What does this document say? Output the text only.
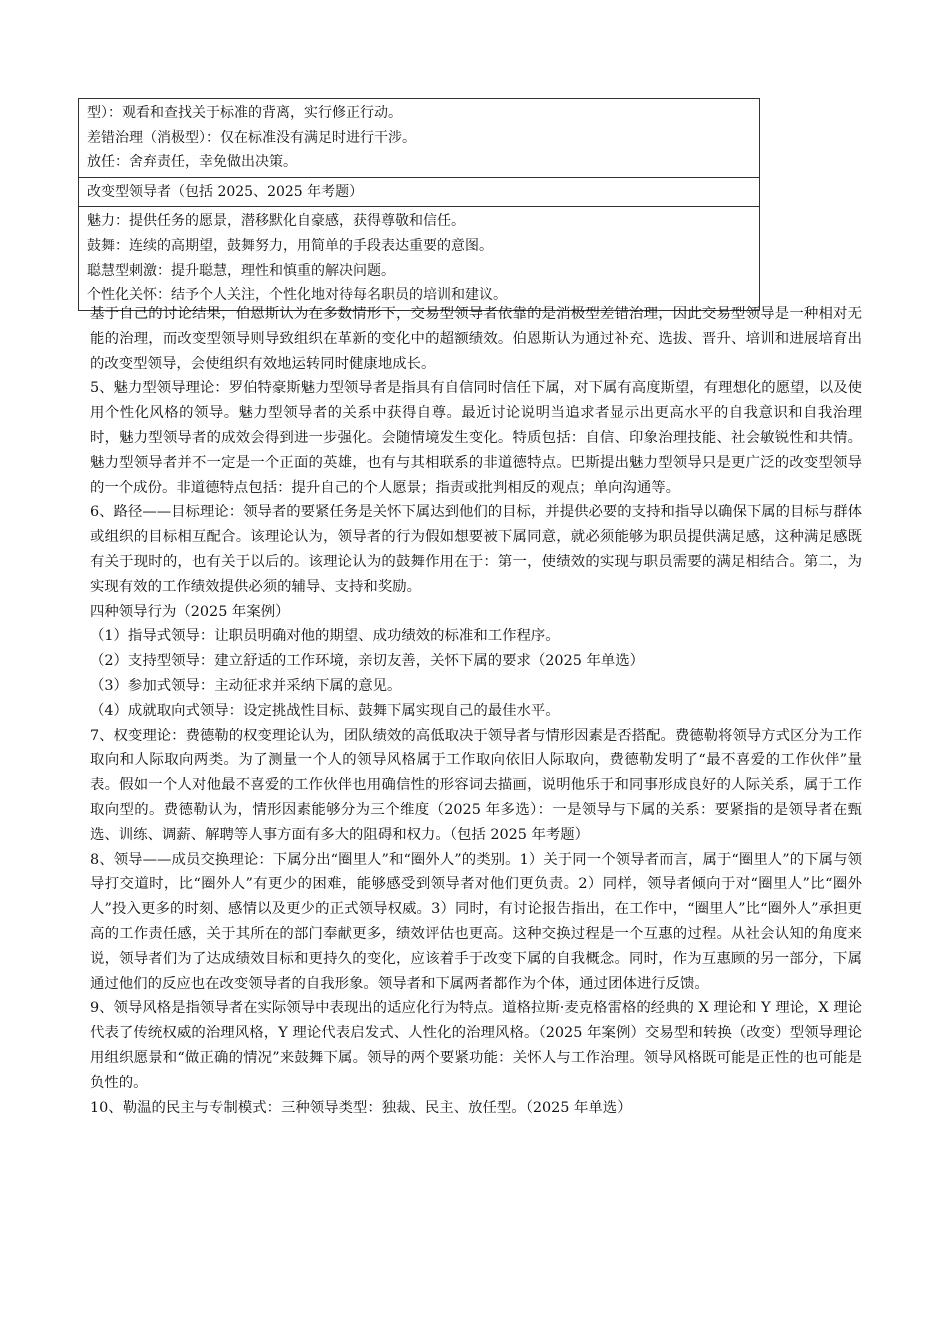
型）：观看和查找关于标准的背离，实行修正行动。
差错治理（消极型）：仅在标准没有满足时进行干涉。
放任：舍弃责任，幸免做出决策。
改变型领导者（包括 2025、2025 年考题）
魅力：提供任务的愿景，潜移默化自豪感，获得尊敬和信任。
鼓舞：连续的高期望，鼓舞努力，用简单的手段表达重要的意图。
聪慧型刺激：提升聪慧，理性和慎重的解决问题。
个性化关怀：结予个人关注，个性化地对待每名职员的培训和建议。

基于自己的讨论结果，伯恩斯认为在多数情形下，交易型领导者依靠的是消极型差错治理，因此交易型领导是一种相对无能的治理，而改变型领导则导致组织在革新的变化中的超额绩效。伯恩斯认为通过补充、选拔、晋升、培训和进展培育出的改变型领导，会使组织有效地运转同时健康地成长。

5、魅力型领导理论：罗伯特豪斯魅力型领导者是指具有自信同时信任下属，对下属有高度斯望，有理想化的愿望，以及使用个性化风格的领导。魅力型领导者的关系中获得自尊。最近讨论说明当追求者显示出更高水平的自我意识和自我治理时，魅力型领导者的成效会得到进一步强化。会随情境发生变化。特质包括：自信、印象治理技能、社会敏锐性和共情。魅力型领导者并不一定是一个正面的英雄，也有与其相联系的非道德特点。巴斯提出魅力型领导只是更广泛的改变型领导的一个成份。非道德特点包括：提升自己的个人愿景；指责或批判相反的观点；单向沟通等。

6、路径——目标理论：领导者的要紧任务是关怀下属达到他们的目标，并提供必要的支持和指导以确保下属的目标与群体或组织的目标相互配合。该理论认为，领导者的行为假如想要被下属同意，就必须能够为职员提供满足感，这种满足感既有关于现时的，也有关于以后的。该理论认为的鼓舞作用在于：第一，使绩效的实现与职员需要的满足相结合。第二，为实现有效的工作绩效提供必须的辅导、支持和奖励。

四种领导行为（2025 年案例）

（1）指导式领导：让职员明确对他的期望、成功绩效的标准和工作程序。

（2）支持型领导：建立舒适的工作环境，亲切友善，关怀下属的要求（2025 年单选）

（3）参加式领导：主动征求并采纳下属的意见。

（4）成就取向式领导：设定挑战性目标、鼓舞下属实现自己的最佳水平。

7、权变理论：费德勒的权变理论认为，团队绩效的高低取决于领导者与情形因素是否搭配。费德勒将领导方式区分为工作取向和人际取向两类。为了测量一个人的领导风格属于工作取向依旧人际取向，费德勒发明了“最不喜爱的工作伙伴”量表。假如一个人对他最不喜爱的工作伙伴也用确信性的形容词去描画，说明他乐于和同事形成良好的人际关系，属于工作取向型的。费德勒认为，情形因素能够分为三个维度（2025 年多选）：一是领导与下属的关系：要紧指的是领导者在甄选、训练、调薪、解聘等人事方面有多大的阻碍和权力。（包括 2025 年考题）

8、领导——成员交换理论：下属分出“圈里人”和“圈外人”的类别。1）关于同一个领导者而言，属于“圈里人”的下属与领导打交道时，比“圈外人”有更少的困难，能够感受到领导者对他们更负责。2）同样，领导者倾向于对“圈里人”比“圈外人”投入更多的时刻、感情以及更少的正式领导权威。3）同时，有讨论报告指出，在工作中，“圈里人”比“圈外人”承担更高的工作责任感，关于其所在的部门奉献更多，绩效评估也更高。这种交换过程是一个互惠的过程。从社会认知的角度来说，领导者们为了达成绩效目标和更持久的变化，应该着手于改变下属的自我概念。同时，作为互惠顾的另一部分，下属通过他们的反应也在改变领导者的自我形象。领导者和下属两者都作为个体，通过团体进行反馈。

9、领导风格是指领导者在实际领导中表现出的适应化行为特点。道格拉斯·麦克格雷格的经典的 X 理论和 Y 理论，X 理论代表了传统权威的治理风格，Y 理论代表启发式、人性化的治理风格。（2025 年案例）交易型和转换（改变）型领导理论用组织愿景和“做正确的情况”来鼓舞下属。领导的两个要紧功能：关怀人与工作治理。领导风格既可能是正性的也可能是负性的。

10、勒温的民主与专制模式：三种领导类型：独裁、民主、放任型。（2025 年单选）
